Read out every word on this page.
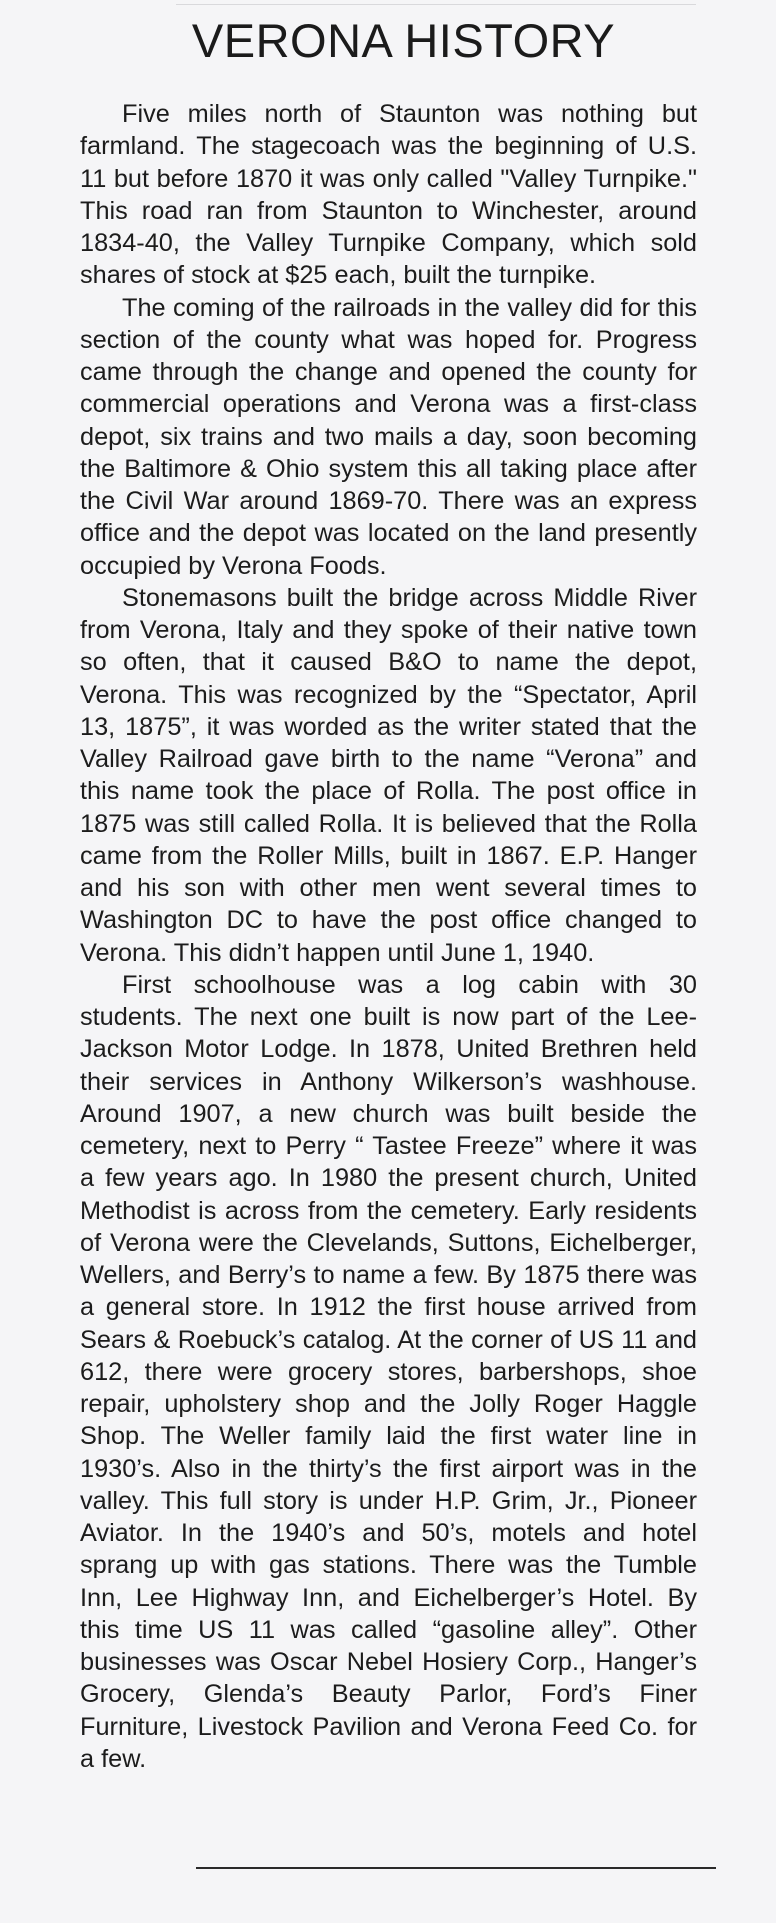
VERONA HISTORY

Five miles north of Staunton was nothing but farmland. The stagecoach was the beginning of U.S. 11 but before 1870 it was only called "Valley Turnpike." This road ran from Staunton to Winchester, around 1834-40, the Valley Turnpike Company, which sold shares of stock at $25 each, built the turnpike.

The coming of the railroads in the valley did for this section of the county what was hoped for. Progress came through the change and opened the county for commercial operations and Verona was a first-class depot, six trains and two mails a day, soon becoming the Baltimore & Ohio system this all taking place after the Civil War around 1869-70. There was an express office and the depot was located on the land presently occupied by Verona Foods.

Stonemasons built the bridge across Middle River from Verona, Italy and they spoke of their native town so often, that it caused B&O to name the depot, Verona. This was recognized by the “Spectator, April 13, 1875”, it was worded as the writer stated that the Valley Railroad gave birth to the name “Verona” and this name took the place of Rolla. The post office in 1875 was still called Rolla. It is believed that the Rolla came from the Roller Mills, built in 1867. E.P. Hanger and his son with other men went several times to Washington DC to have the post office changed to Verona. This didn’t happen until June 1, 1940.

First schoolhouse was a log cabin with 30 students. The next one built is now part of the Lee-Jackson Motor Lodge. In 1878, United Brethren held their services in Anthony Wilkerson’s washhouse. Around 1907, a new church was built beside the cemetery, next to Perry “ Tastee Freeze” where it was a few years ago. In 1980 the present church, United Methodist is across from the cemetery. Early residents of Verona were the Clevelands, Suttons, Eichelberger, Wellers, and Berry’s to name a few. By 1875 there was a general store. In 1912 the first house arrived from Sears & Roebuck’s catalog. At the corner of US 11 and 612, there were grocery stores, barbershops, shoe repair, upholstery shop and the Jolly Roger Haggle Shop. The Weller family laid the first water line in 1930’s. Also in the thirty’s the first airport was in the valley. This full story is under H.P. Grim, Jr., Pioneer Aviator. In the 1940’s and 50’s, motels and hotel sprang up with gas stations. There was the Tumble Inn, Lee Highway Inn, and Eichelberger’s Hotel. By this time US 11 was called “gasoline alley”. Other businesses was Oscar Nebel Hosiery Corp., Hanger’s Grocery, Glenda’s Beauty Parlor, Ford’s Finer Furniture, Livestock Pavilion and Verona Feed Co. for a few.
